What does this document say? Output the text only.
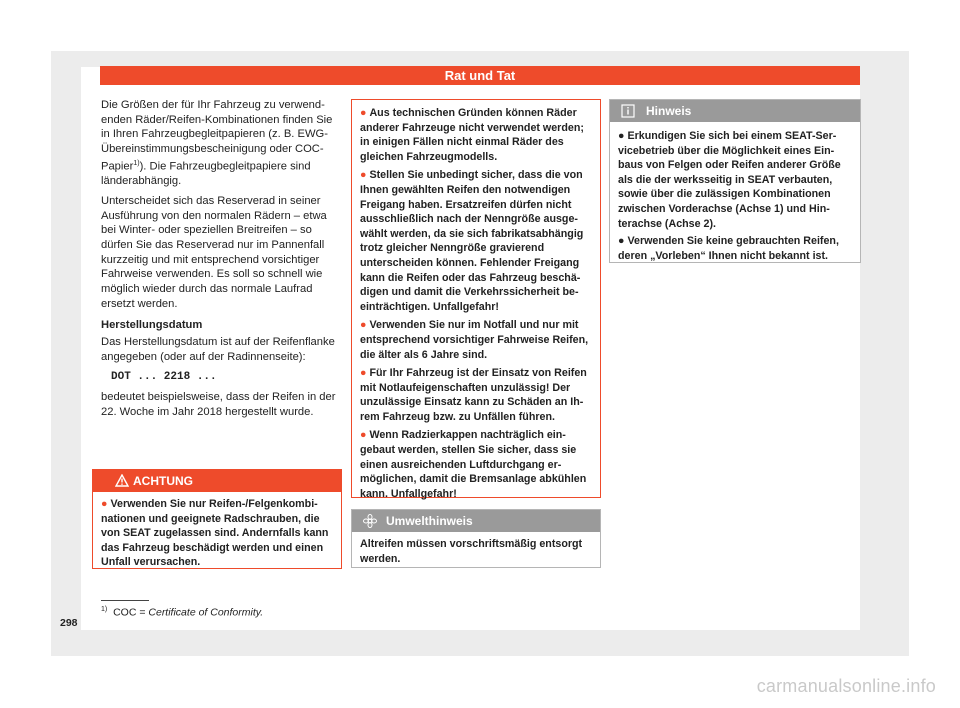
Rat und Tat

Die Größen der für Ihr Fahrzeug zu verwendenden Räder/Reifen-Kombinationen finden Sie in Ihren Fahrzeugbegleitpapieren (z. B. EWG-Übereinstimmungsbescheinigung oder COC-Papier$^{1)}$). Die Fahrzeugbegleitpapiere sind länderabhängig.

Unterscheidet sich das Reserverad in seiner Ausführung von den normalen Rädern – etwa bei Winter- oder speziellen Breitreifen – so dürfen Sie das Reserverad nur im Pannenfall kurzzeitig und mit entsprechend vorsichtiger Fahrweise verwenden. Es soll so schnell wie möglich wieder durch das normale Laufrad ersetzt werden.

Herstellungsdatum

Das Herstellungsdatum ist auf der Reifenflanke angegeben (oder auf der Radinnenseite):

DOT ... 2218 ...

bedeutet beispielsweise, dass der Reifen in der 22. Woche im Jahr 2018 hergestellt wurde.

ACHTUNG

● Verwenden Sie nur Reifen-/Felgenkombinationen und geeignete Radschrauben, die von SEAT zugelassen sind. Andernfalls kann das Fahrzeug beschädigt werden und einen Unfall verursachen.

● Aus technischen Gründen können Räder anderer Fahrzeuge nicht verwendet werden; in einigen Fällen nicht einmal Räder des gleichen Fahrzeugmodells.

● Stellen Sie unbedingt sicher, dass die von Ihnen gewählten Reifen den notwendigen Freigang haben. Ersatzreifen dürfen nicht ausschließlich nach der Nenngröße ausgewählt werden, da sie sich fabrikatsabhängig trotz gleicher Nenngröße gravierend unterscheiden können. Fehlender Freigang kann die Reifen oder das Fahrzeug beschädigen und damit die Verkehrssicherheit beeinträchtigen. Unfallgefahr!

● Verwenden Sie nur im Notfall und nur mit entsprechend vorsichtiger Fahrweise Reifen, die älter als 6 Jahre sind.

● Für Ihr Fahrzeug ist der Einsatz von Reifen mit Notlaufeigenschaften unzulässig! Der unzulässige Einsatz kann zu Schäden an Ihrem Fahrzeug bzw. zu Unfällen führen.

● Wenn Radzierkappen nachträglich eingebaut werden, stellen Sie sicher, dass sie einen ausreichenden Luftdurchgang ermöglichen, damit die Bremsanlage abkühlen kann. Unfallgefahr!

Umwelthinweis

Altreifen müssen vorschriftsmäßig entsorgt werden.

Hinweis

● Erkundigen Sie sich bei einem SEAT-Servicebetrieb über die Möglichkeit eines Einbaus von Felgen oder Reifen anderer Größe als die der werksseitig in SEAT verbauten, sowie über die zulässigen Kombinationen zwischen Vorderachse (Achse 1) und Hinterachse (Achse 2).

● Verwenden Sie keine gebrauchten Reifen, deren „Vorleben“ Ihnen nicht bekannt ist.

$^{1)}$ COC = Certificate of Conformity.
298
carmanualsonline.info
